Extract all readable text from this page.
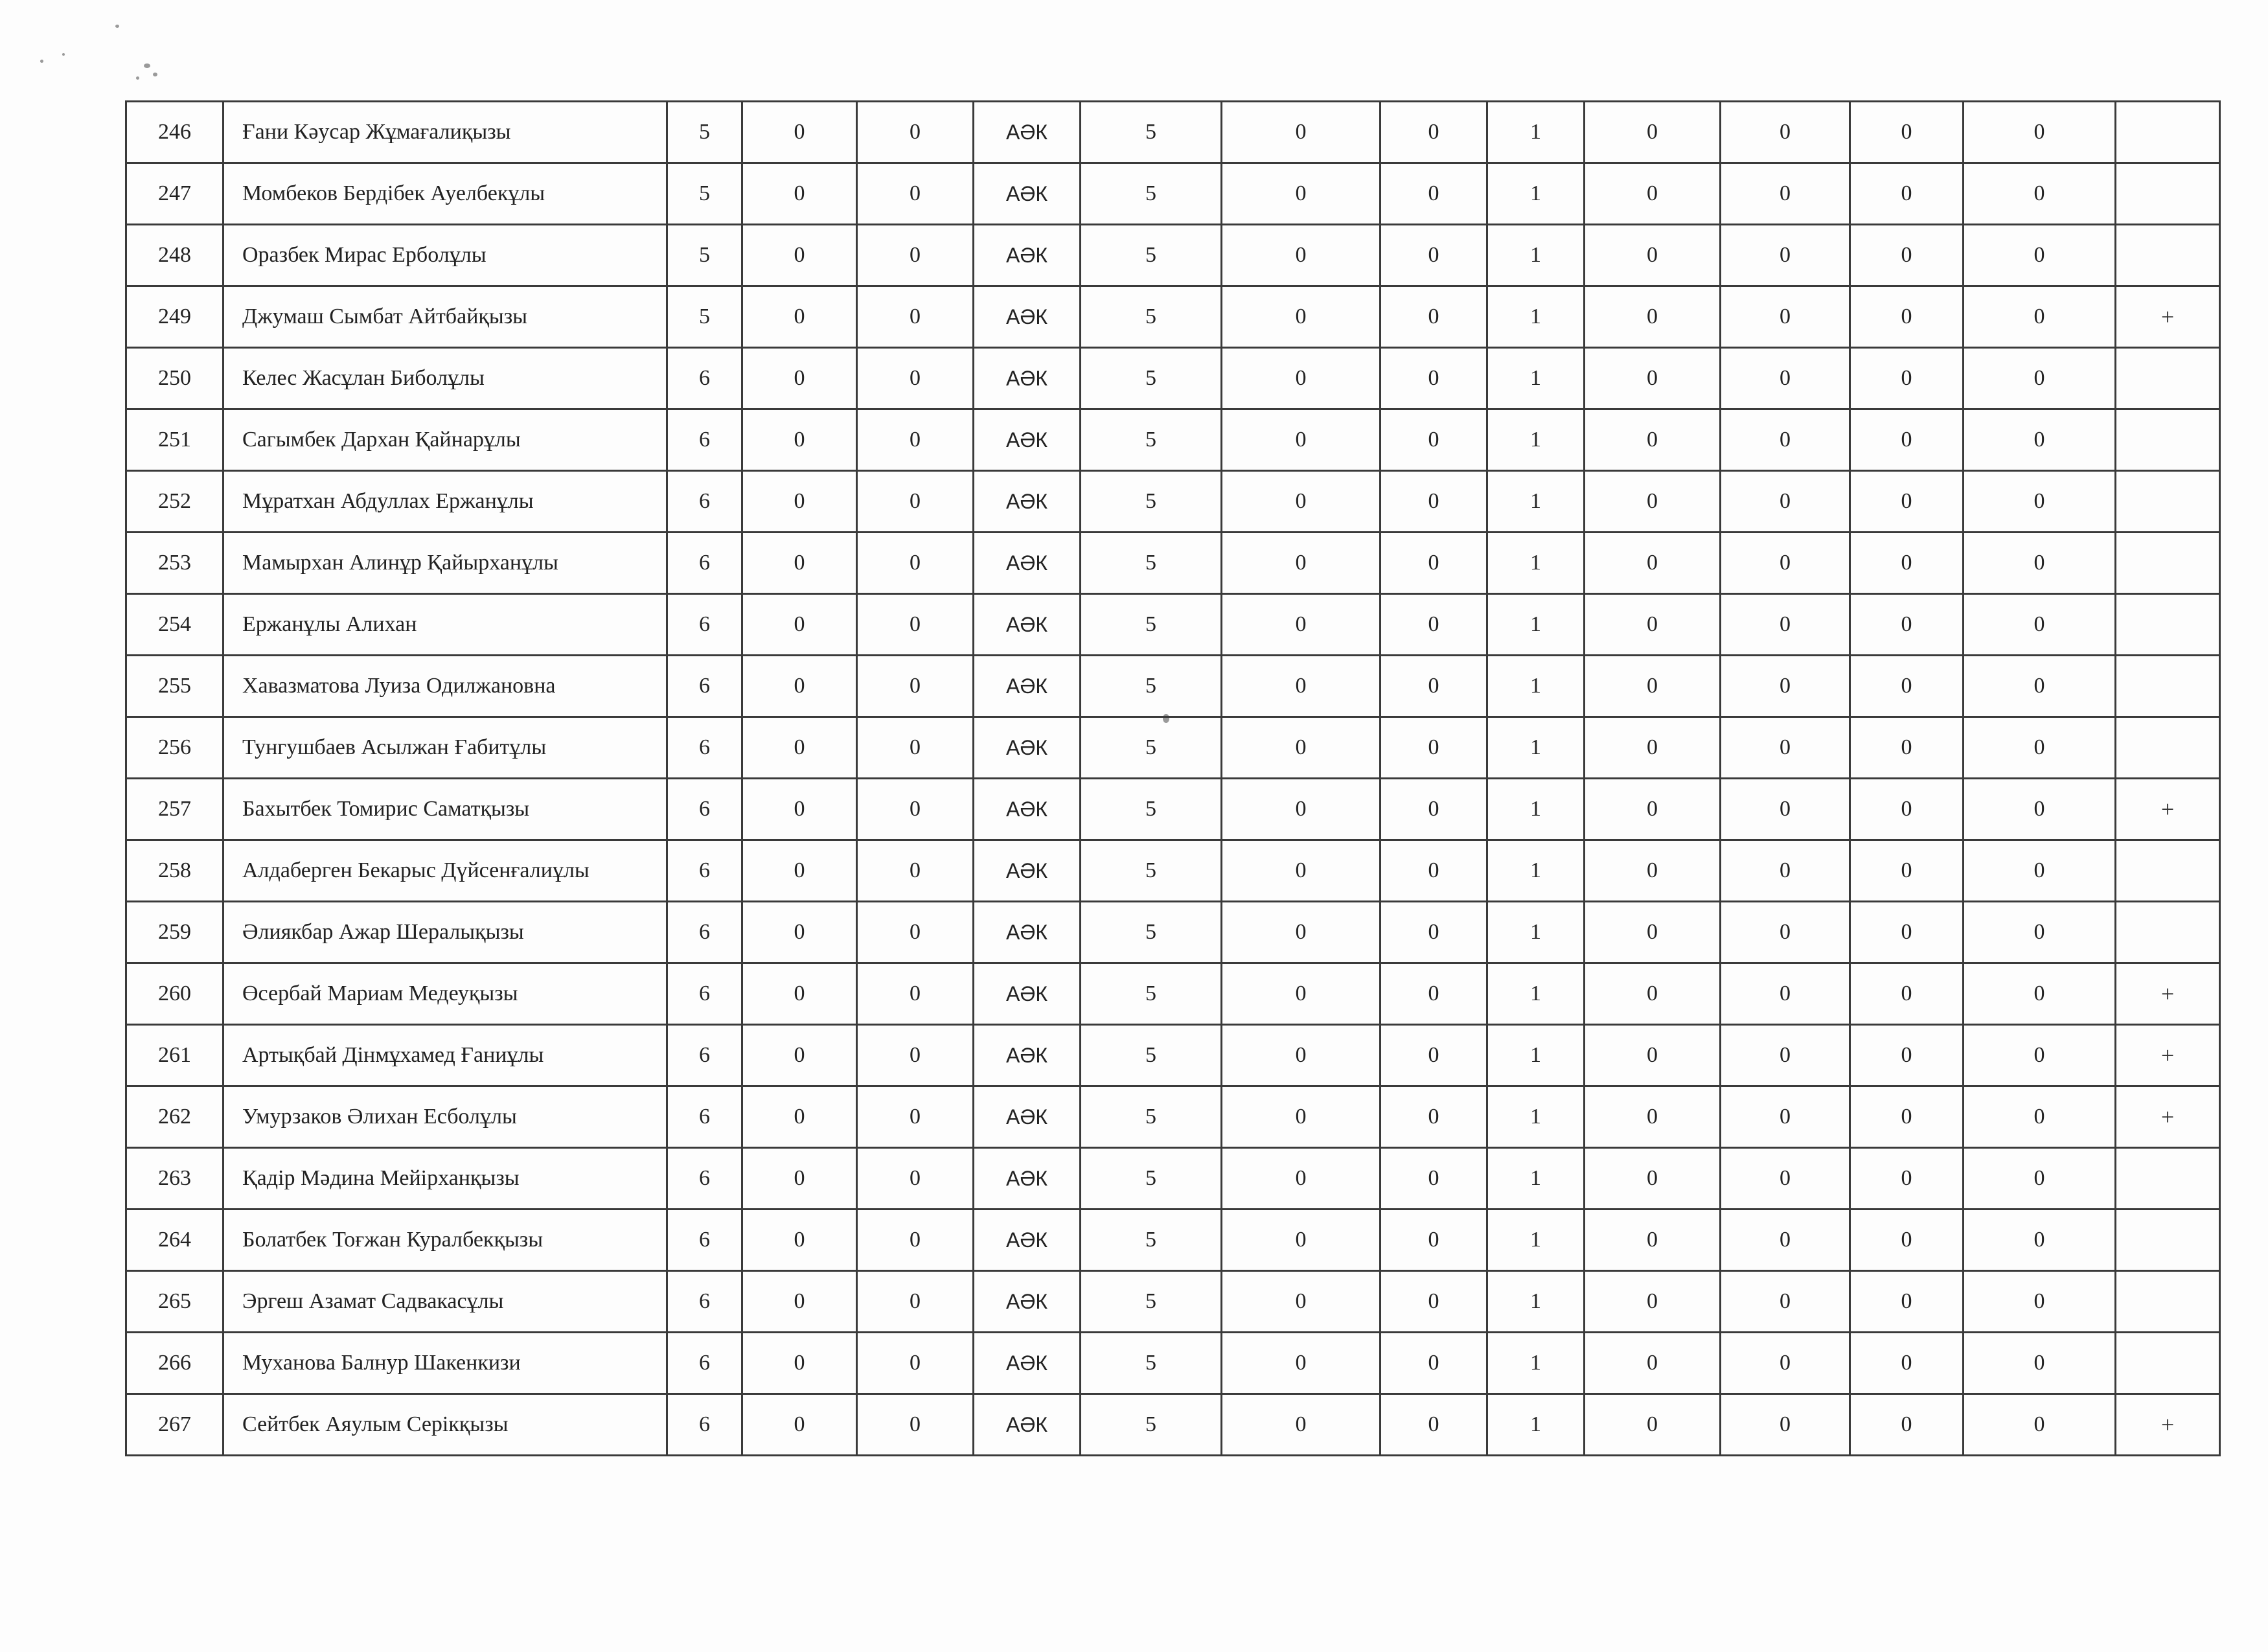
246	Ғани Кәусар Жұмағалиқызы	5	0	0	АӘК	5	0	0	1	0	0	0	0	
247	Момбеков Бердібек Ауелбекұлы	5	0	0	АӘК	5	0	0	1	0	0	0	0	
248	Оразбек Мирас Ерболұлы	5	0	0	АӘК	5	0	0	1	0	0	0	0	
249	Джумаш Сымбат Айтбайқызы	5	0	0	АӘК	5	0	0	1	0	0	0	0	+
250	Келес Жасұлан Биболұлы	6	0	0	АӘК	5	0	0	1	0	0	0	0	
251	Сагымбек Дархан Қайнарұлы	6	0	0	АӘК	5	0	0	1	0	0	0	0	
252	Мұратхан Абдуллах Ержанұлы	6	0	0	АӘК	5	0	0	1	0	0	0	0	
253	Мамырхан Алинұр Қайырханұлы	6	0	0	АӘК	5	0	0	1	0	0	0	0	
254	Ержанұлы Алихан	6	0	0	АӘК	5	0	0	1	0	0	0	0	
255	Хавазматова Луиза Одилжановна	6	0	0	АӘК	5	0	0	1	0	0	0	0	
256	Тунгушбаев Асылжан Ғабитұлы	6	0	0	АӘК	5	0	0	1	0	0	0	0	
257	Бахытбек Томирис Саматқызы	6	0	0	АӘК	5	0	0	1	0	0	0	0	+
258	Алдаберген Бекарыс Дүйсенғалиұлы	6	0	0	АӘК	5	0	0	1	0	0	0	0	
259	Әлиякбар Ажар Шералықызы	6	0	0	АӘК	5	0	0	1	0	0	0	0	
260	Өсербай Мариам Медеуқызы	6	0	0	АӘК	5	0	0	1	0	0	0	0	+
261	Артықбай Дінмұхамед Ғаниұлы	6	0	0	АӘК	5	0	0	1	0	0	0	0	+
262	Умурзаков Әлихан Есболұлы	6	0	0	АӘК	5	0	0	1	0	0	0	0	+
263	Қадір Мәдина Мейірханқызы	6	0	0	АӘК	5	0	0	1	0	0	0	0	
264	Болатбек Тоғжан Куралбекқызы	6	0	0	АӘК	5	0	0	1	0	0	0	0	
265	Эргеш Азамат Садвакасұлы	6	0	0	АӘК	5	0	0	1	0	0	0	0	
266	Муханова Балнур Шакенкизи	6	0	0	АӘК	5	0	0	1	0	0	0	0	
267	Сейтбек Аяулым Серікқызы	6	0	0	АӘК	5	0	0	1	0	0	0	0	+
